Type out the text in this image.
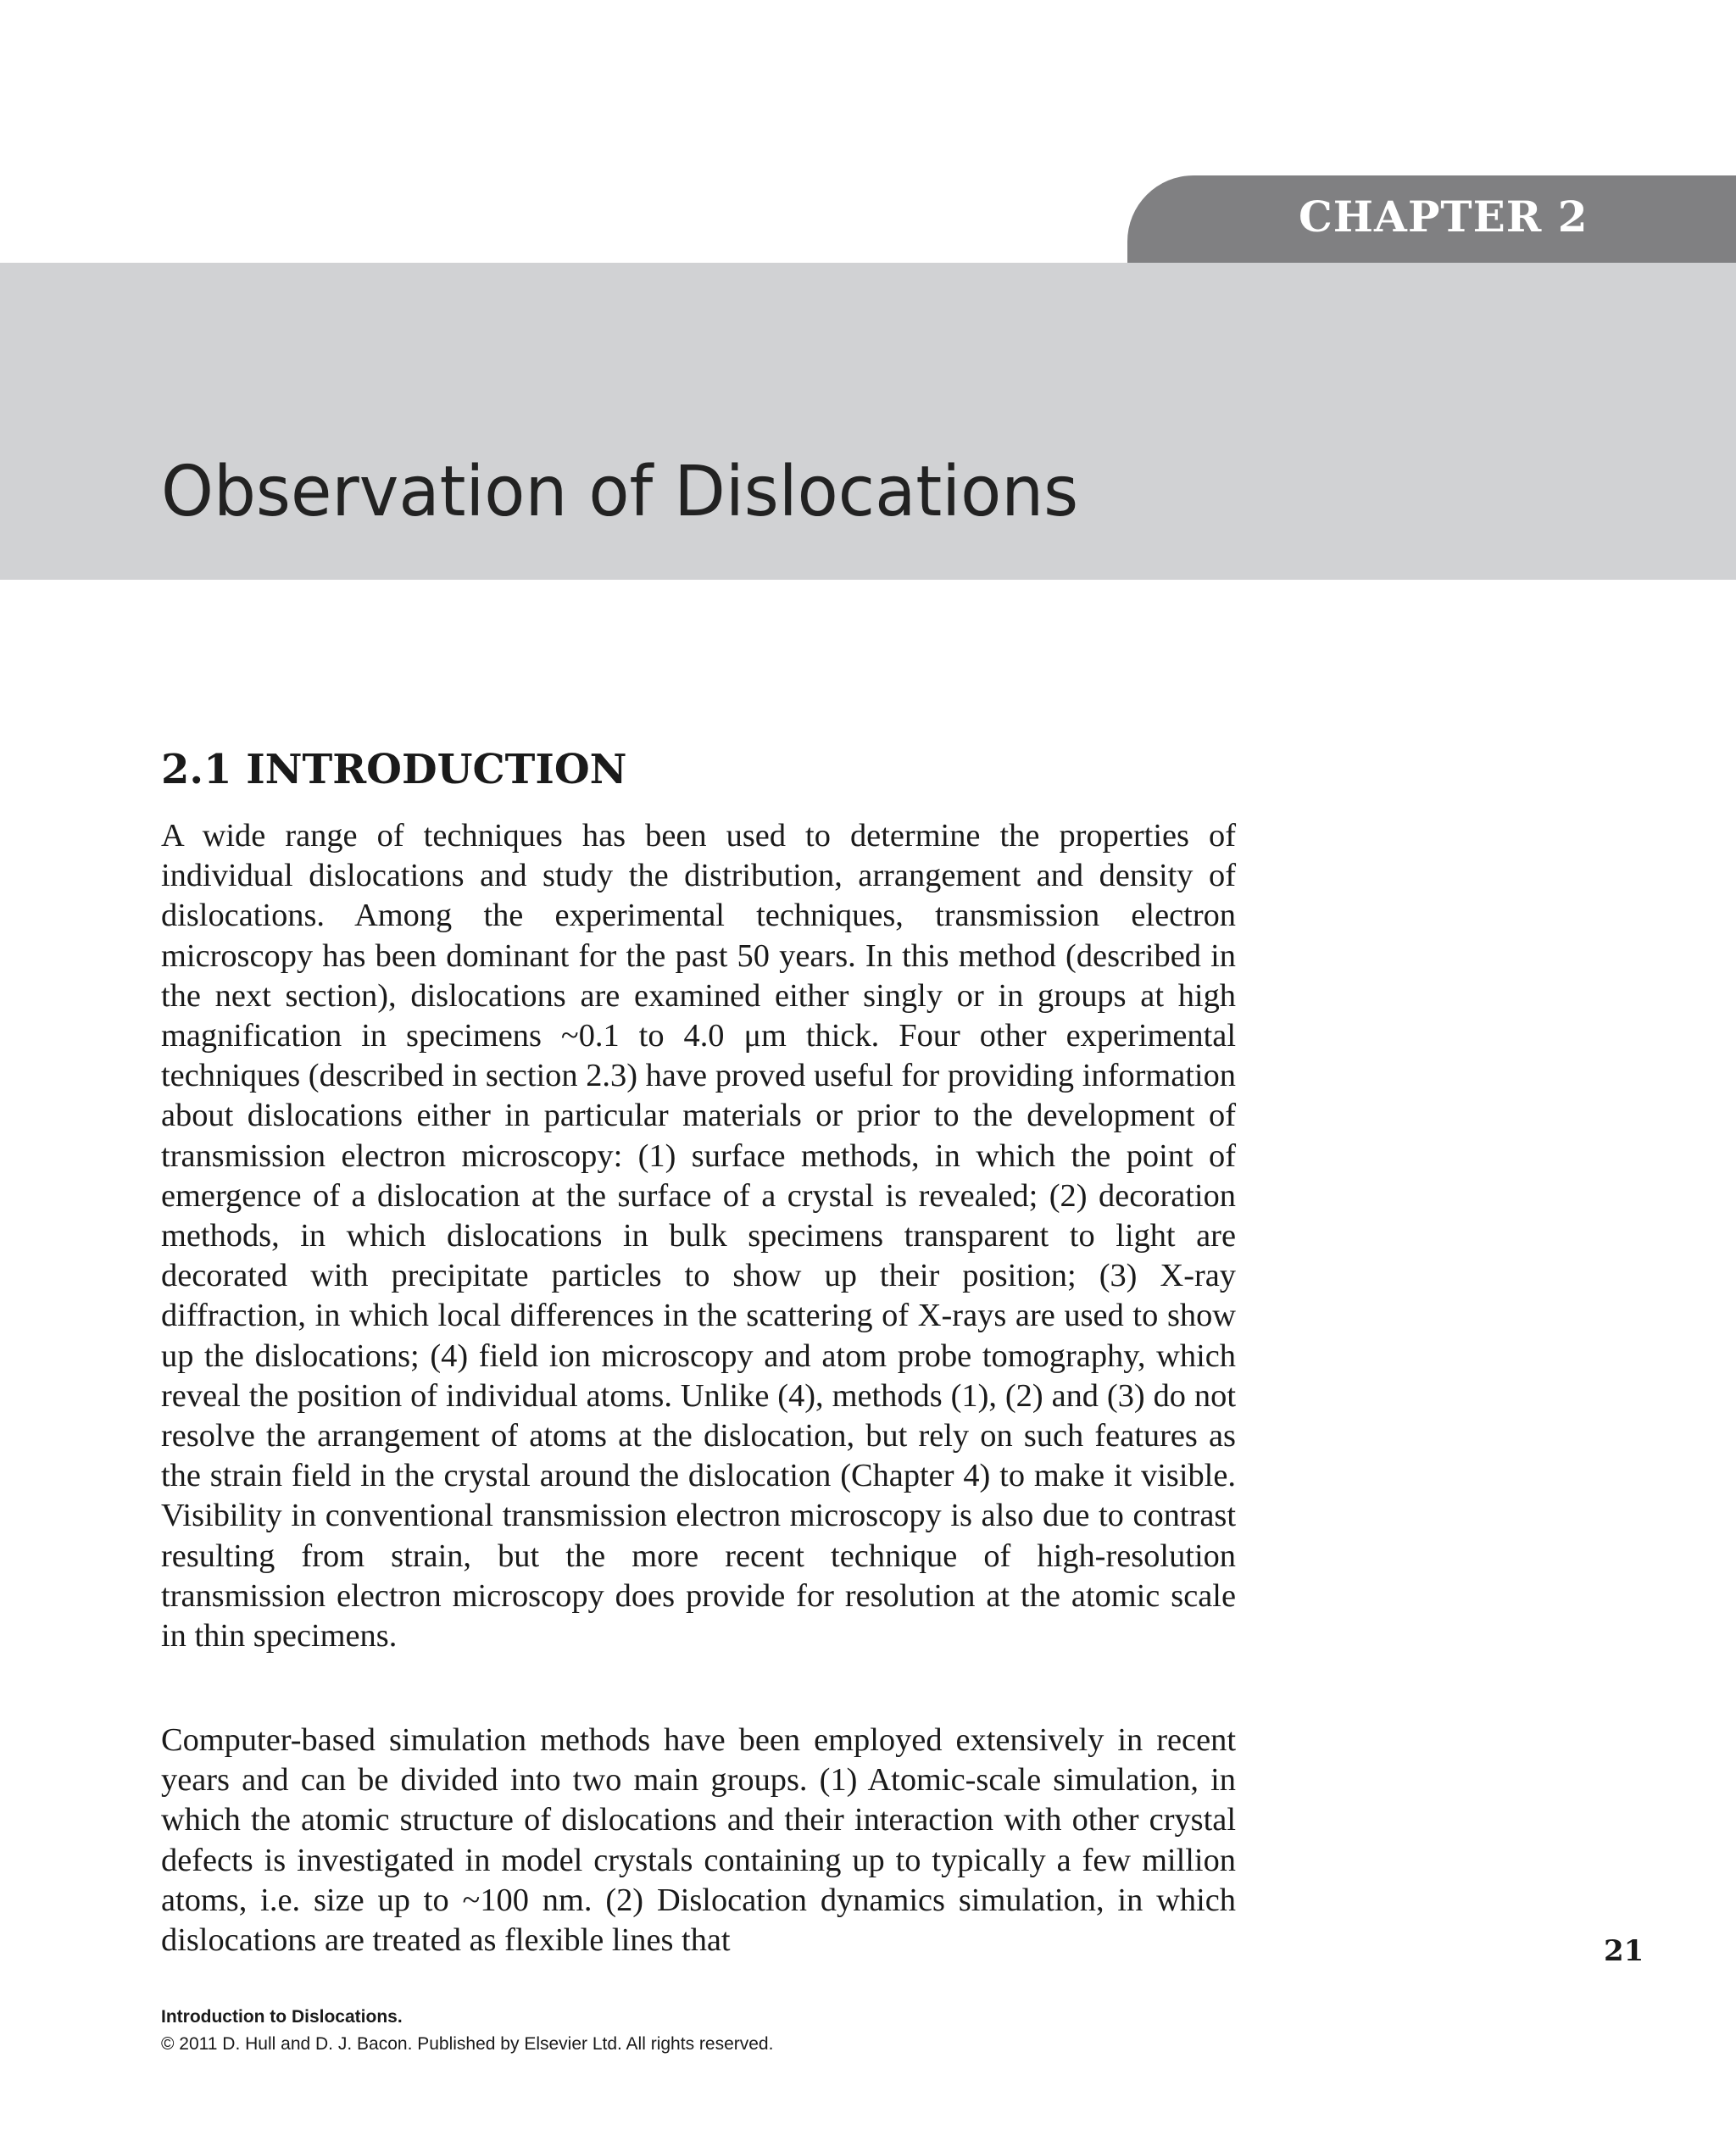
CHAPTER 2
Observation of Dislocations
2.1 INTRODUCTION

A wide range of techniques has been used to determine the properties of individual dislocations and study the distribution, arrangement and density of dislocations. Among the experimental techniques, transmission electron microscopy has been dominant for the past 50 years. In this method (described in the next section), dislocations are examined either singly or in groups at high magnification in specimens ~0.1 to 4.0 μm thick. Four other experimental techniques (described in section 2.3) have proved useful for providing information about dislocations either in particular materials or prior to the development of transmission electron microscopy: (1) surface methods, in which the point of emergence of a dislocation at the surface of a crystal is revealed; (2) decoration methods, in which dislocations in bulk specimens transparent to light are decorated with precipitate particles to show up their position; (3) X-ray diffraction, in which local differences in the scattering of X-rays are used to show up the dislocations; (4) field ion microscopy and atom probe tomography, which reveal the position of individual atoms. Unlike (4), methods (1), (2) and (3) do not resolve the arrangement of atoms at the dislocation, but rely on such features as the strain field in the crystal around the dislocation (Chapter 4) to make it visible. Visibility in conventional transmission electron microscopy is also due to contrast resulting from strain, but the more recent technique of high-resolution transmission electron microscopy does provide for resolution at the atomic scale in thin specimens.

Computer-based simulation methods have been employed extensively in recent years and can be divided into two main groups. (1) Atomic-scale simulation, in which the atomic structure of dislocations and their interaction with other crystal defects is investigated in model crystals containing up to typically a few million atoms, i.e. size up to ~100 nm. (2) Dislocation dynamics simulation, in which dislocations are treated as flexible lines that	21
Introduction to Dislocations.
© 2011 D. Hull and D. J. Bacon. Published by Elsevier Ltd. All rights reserved.
